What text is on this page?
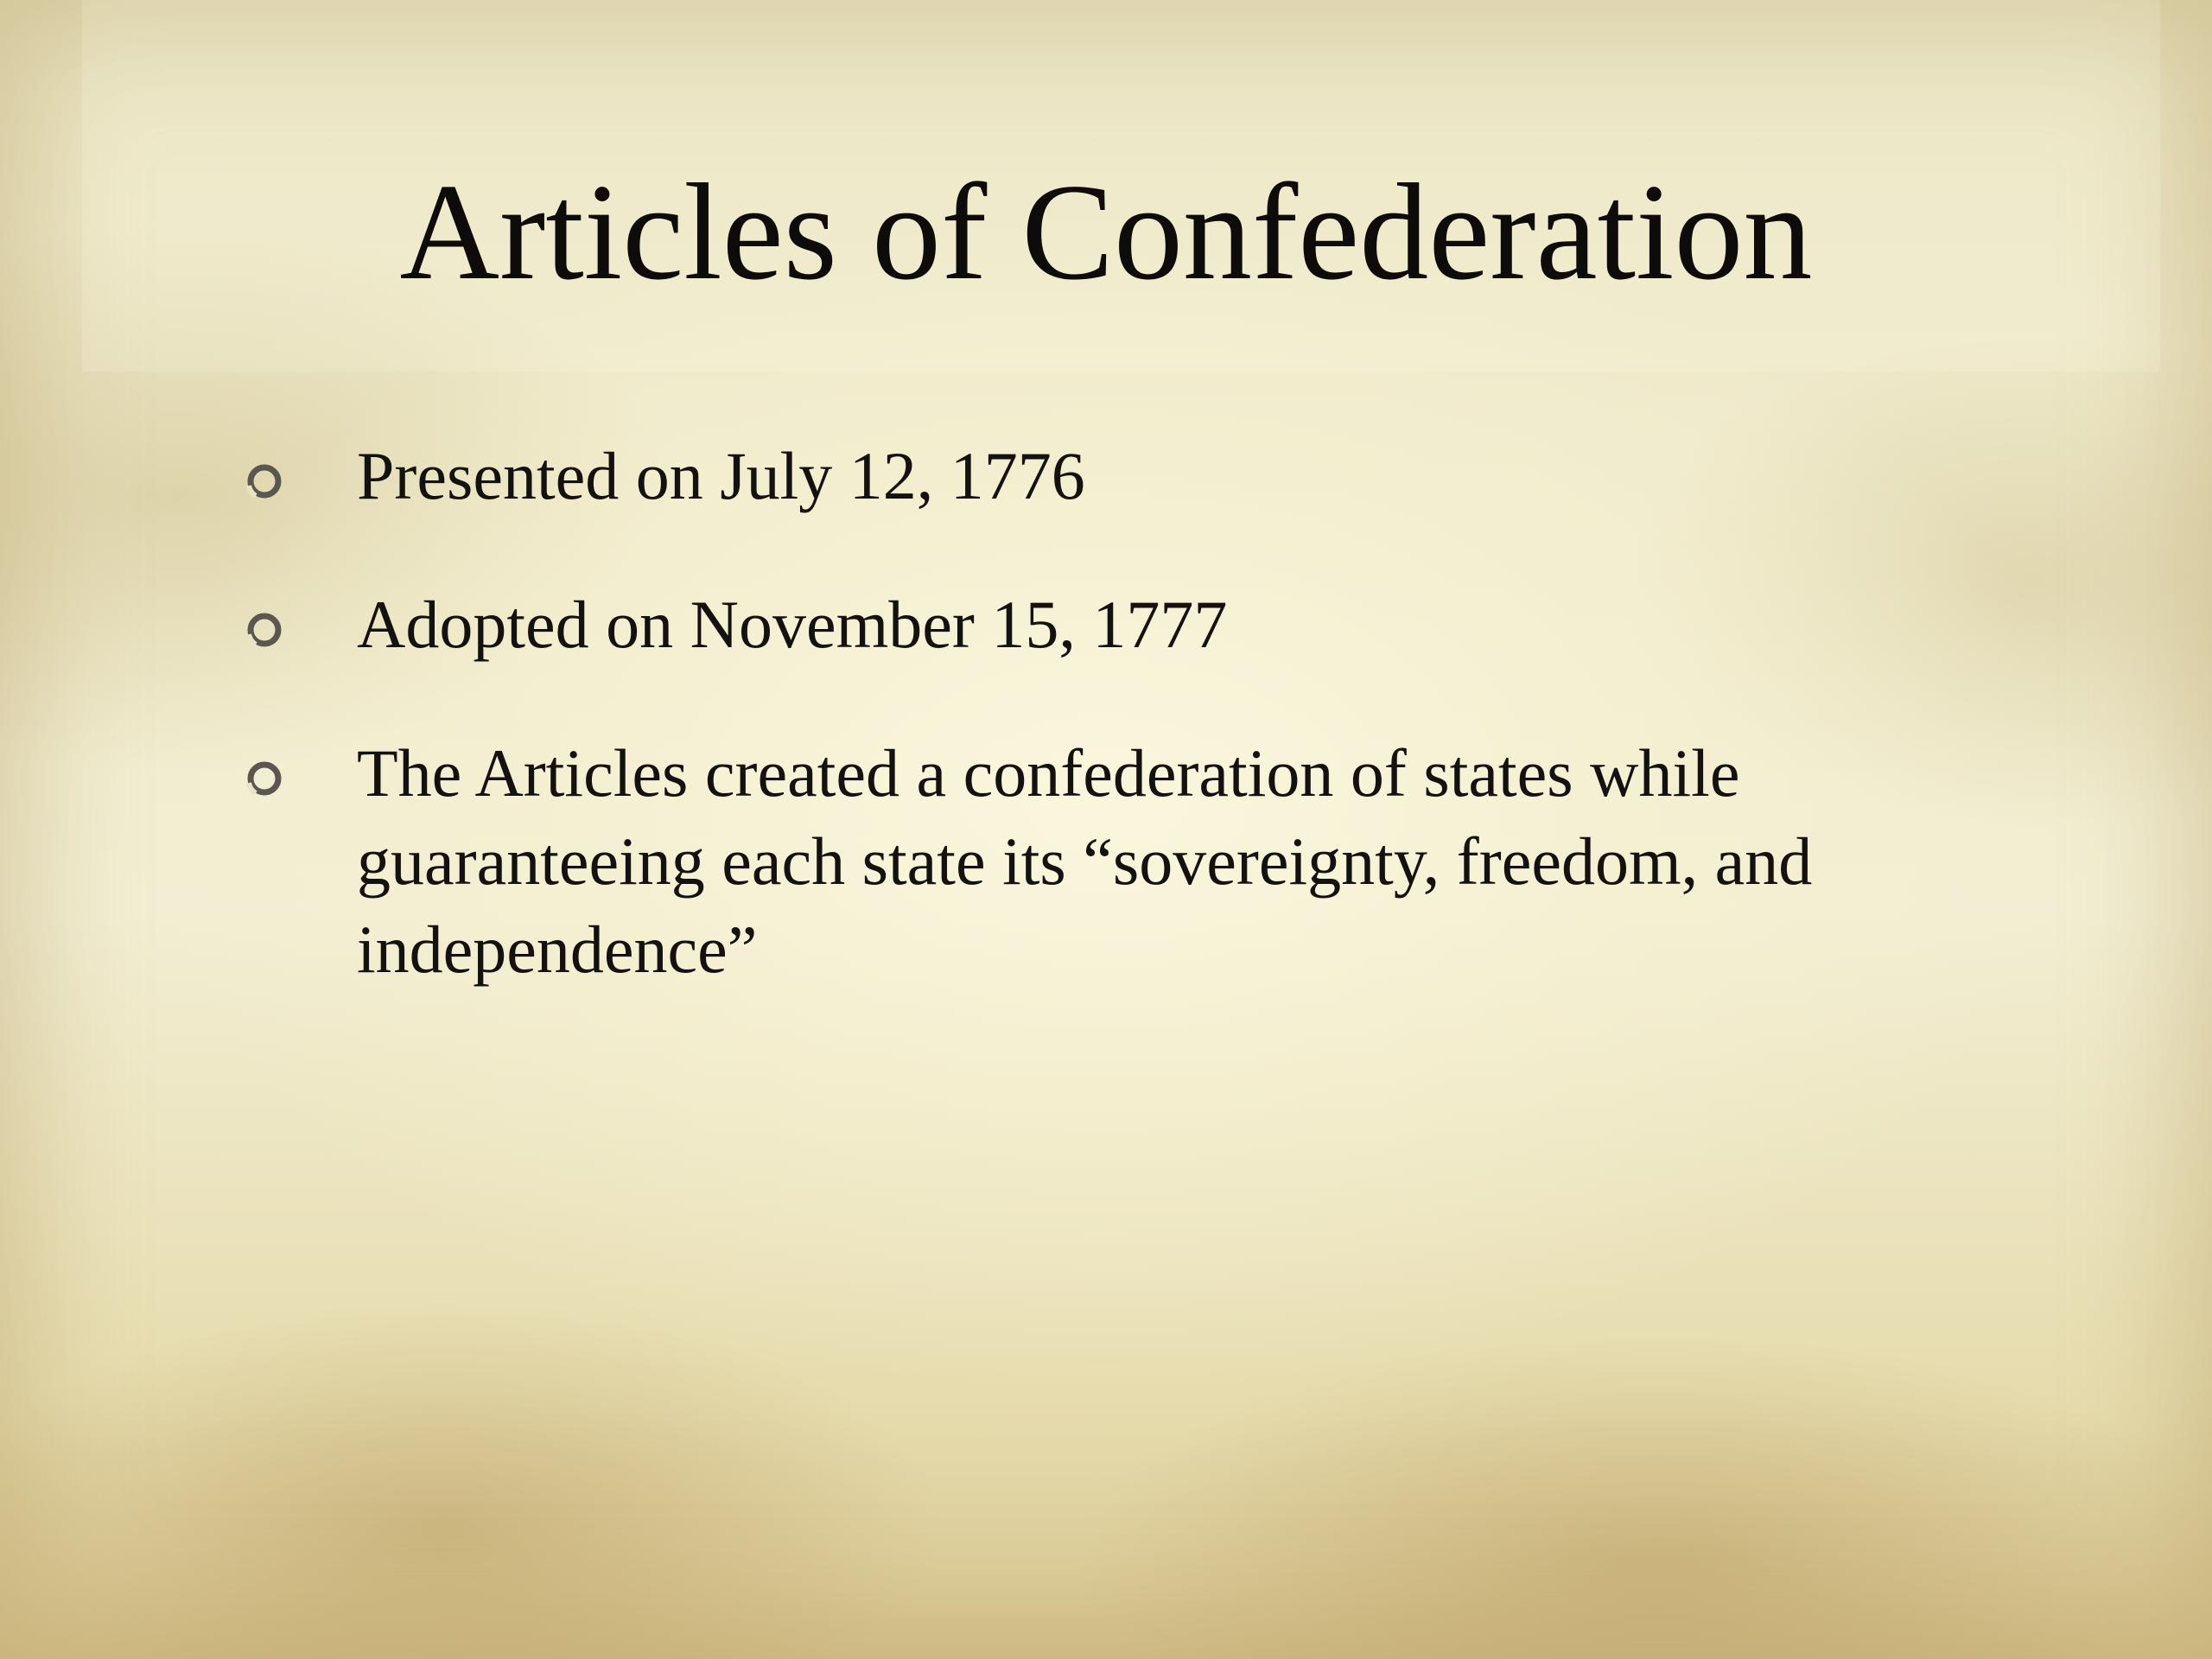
Articles of Confederation
Presented on July 12, 1776
Adopted on November 15, 1777
The Articles created a confederation of states while guaranteeing each state its “sovereignty, freedom, and independence”
